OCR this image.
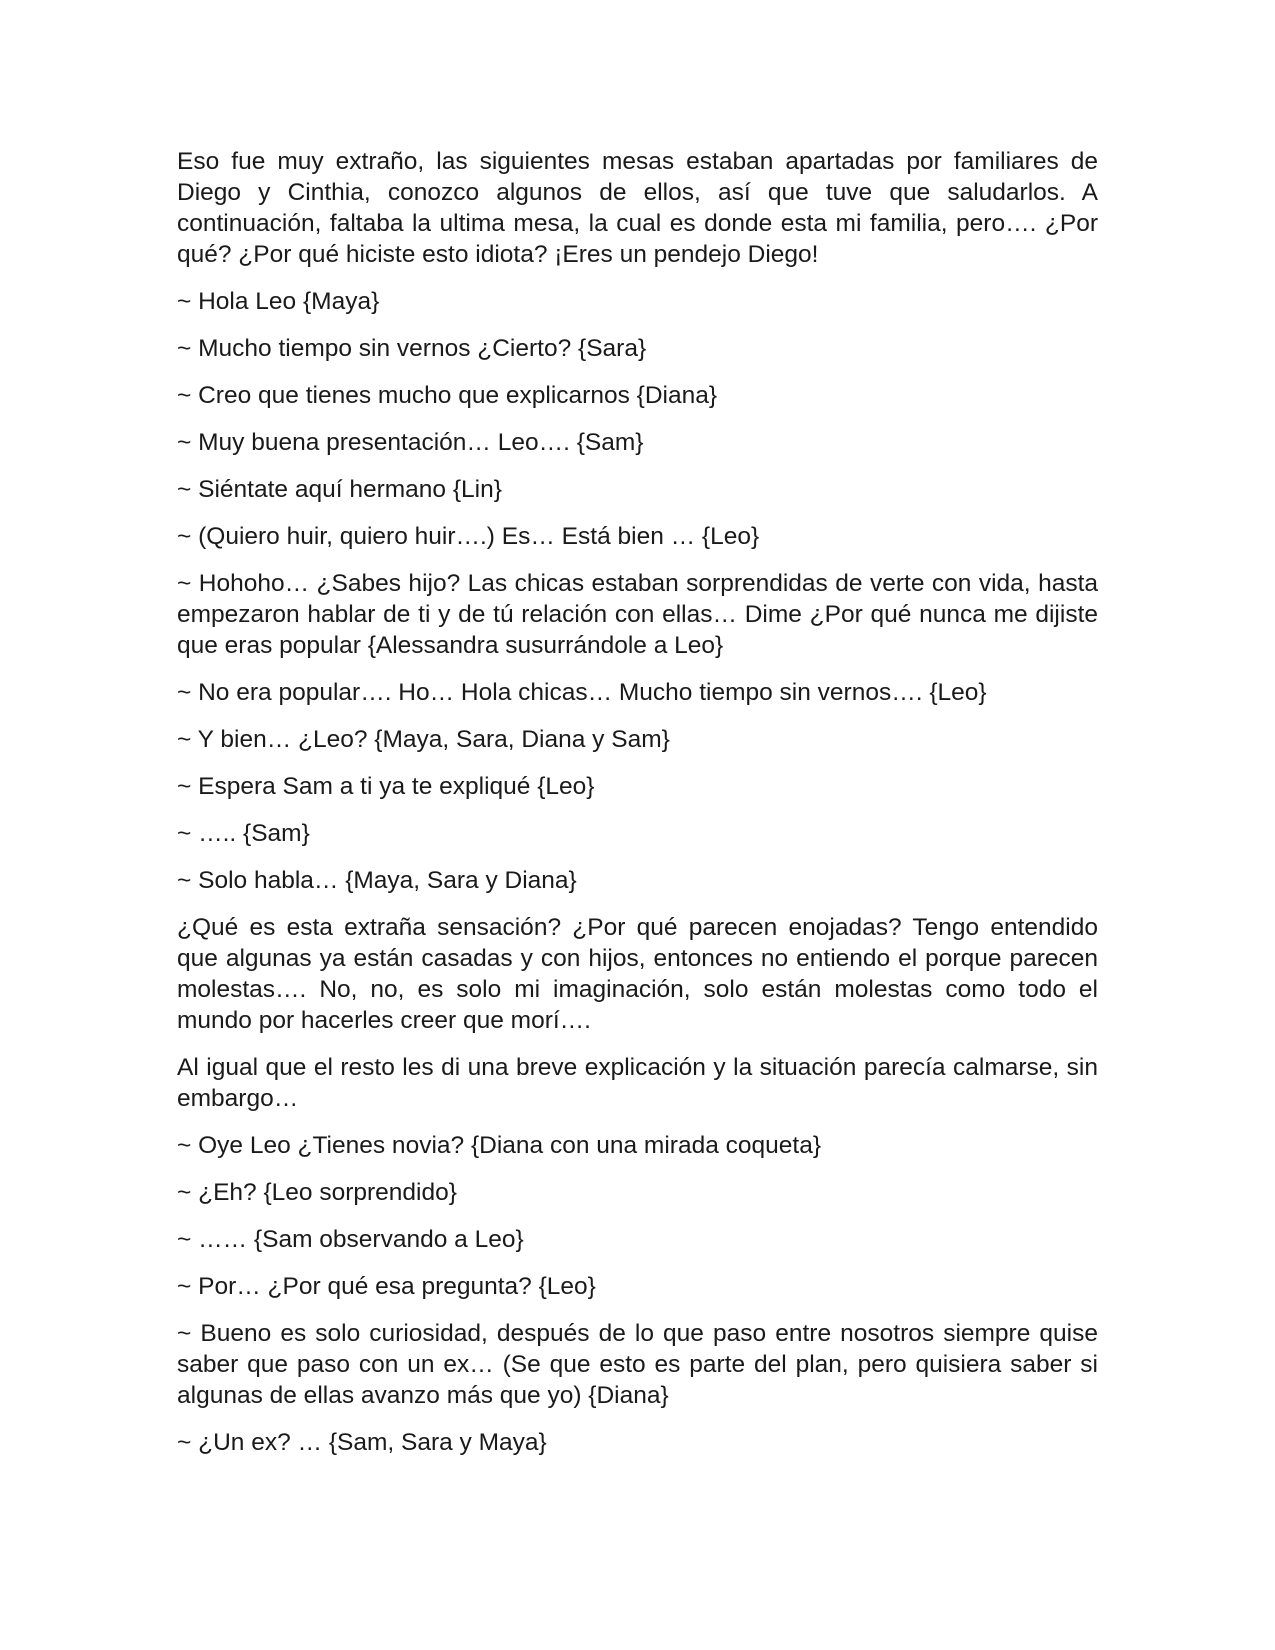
Eso fue muy extraño, las siguientes mesas estaban apartadas por familiares de Diego y Cinthia, conozco algunos de ellos, así que tuve que saludarlos. A continuación, faltaba la ultima mesa, la cual es donde esta mi familia, pero…. ¿Por qué? ¿Por qué hiciste esto idiota? ¡Eres un pendejo Diego!

~ Hola Leo {Maya}

~ Mucho tiempo sin vernos ¿Cierto? {Sara}

~ Creo que tienes mucho que explicarnos {Diana}

~ Muy buena presentación… Leo…. {Sam}

~ Siéntate aquí hermano {Lin}

~ (Quiero huir, quiero huir….) Es… Está bien … {Leo}

~ Hohoho… ¿Sabes hijo? Las chicas estaban sorprendidas de verte con vida, hasta empezaron hablar de ti y de tú relación con ellas… Dime ¿Por qué nunca me dijiste que eras popular {Alessandra susurrándole a Leo}

~ No era popular…. Ho… Hola chicas… Mucho tiempo sin vernos…. {Leo}

~ Y bien… ¿Leo? {Maya, Sara, Diana y Sam}

~ Espera Sam a ti ya te expliqué {Leo}

~ ….. {Sam}

~ Solo habla… {Maya, Sara y Diana}

¿Qué es esta extraña sensación? ¿Por qué parecen enojadas? Tengo entendido que algunas ya están casadas y con hijos, entonces no entiendo el porque parecen molestas…. No, no, es solo mi imaginación, solo están molestas como todo el mundo por hacerles creer que morí….

Al igual que el resto les di una breve explicación y la situación parecía calmarse, sin embargo…

~ Oye Leo ¿Tienes novia? {Diana con una mirada coqueta}

~ ¿Eh? {Leo sorprendido}

~ …… {Sam observando a Leo}

~ Por… ¿Por qué esa pregunta? {Leo}

~ Bueno es solo curiosidad, después de lo que paso entre nosotros siempre quise saber que paso con un ex… (Se que esto es parte del plan, pero quisiera saber si algunas de ellas avanzo más que yo) {Diana}

~ ¿Un ex? … {Sam, Sara y Maya}
